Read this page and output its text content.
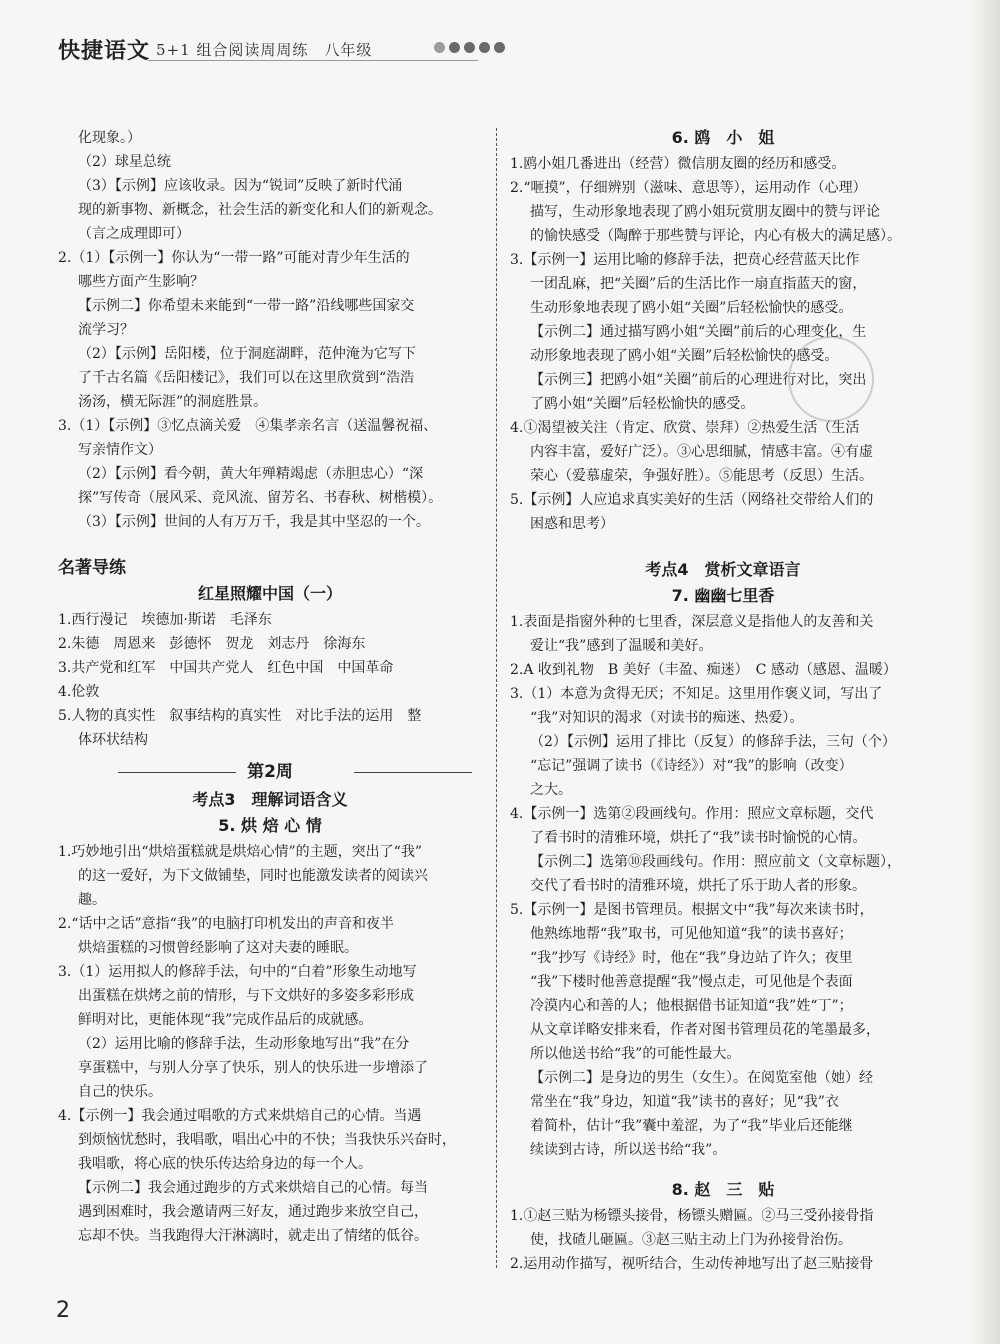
快捷语文 5+1 组合阅读周周练　八年级
化现象。）
（2）球星总统
（3）【示例】应该收录。因为“锐词”反映了新时代涌
现的新事物、新概念，社会生活的新变化和人们的新观念。
（言之成理即可）
2.（1）【示例一】你认为“一带一路”可能对青少年生活的
哪些方面产生影响？
【示例二】你希望未来能到“一带一路”沿线哪些国家交
流学习？
（2）【示例】岳阳楼，位于洞庭湖畔，范仲淹为它写下
了千古名篇《岳阳楼记》，我们可以在这里欣赏到“浩浩
汤汤，横无际涯”的洞庭胜景。
3.（1）【示例】③忆点滴关爱　④集孝亲名言（送温馨祝福、
写亲情作文）
（2）【示例】看今朝，黄大年殚精竭虑（赤胆忠心）“深
探”写传奇（展风采、竞风流、留芳名、书春秋、树楷模）。
（3）【示例】世间的人有万万千，我是其中坚忍的一个。
名著导练
红星照耀中国（一）
1.西行漫记　埃德加·斯诺　毛泽东
2.朱德　周恩来　彭德怀　贺龙　刘志丹　徐海东
3.共产党和红军　中国共产党人　红色中国　中国革命
4.伦敦
5.人物的真实性　叙事结构的真实性　对比手法的运用　整
体环状结构
第2周
考点3　理解词语含义
5. 烘 焙 心 情
1.巧妙地引出“烘焙蛋糕就是烘焙心情”的主题，突出了“我”
的这一爱好，为下文做铺垫，同时也能激发读者的阅读兴
趣。
2.“话中之话”意指“我”的电脑打印机发出的声音和夜半
烘焙蛋糕的习惯曾经影响了这对夫妻的睡眠。
3.（1）运用拟人的修辞手法，句中的“白着”形象生动地写
出蛋糕在烘烤之前的情形，与下文烘好的多姿多彩形成
鲜明对比，更能体现“我”完成作品后的成就感。
（2）运用比喻的修辞手法，生动形象地写出“我”在分
享蛋糕中，与别人分享了快乐，别人的快乐进一步增添了
自己的快乐。
4.【示例一】我会通过唱歌的方式来烘焙自己的心情。当遇
到烦恼忧愁时，我唱歌，唱出心中的不快；当我快乐兴奋时，
我唱歌，将心底的快乐传达给身边的每一个人。
【示例二】我会通过跑步的方式来烘焙自己的心情。每当
遇到困难时，我会邀请两三好友，通过跑步来放空自己，
忘却不快。当我跑得大汗淋漓时，就走出了情绪的低谷。
6. 鸥　小　姐
1.鸥小姐几番进出（经营）微信朋友圈的经历和感受。
2.“咂摸”，仔细辨别（滋味、意思等），运用动作（心理）
描写，生动形象地表现了鸥小姐玩赏朋友圈中的赞与评论
的愉快感受（陶醉于那些赞与评论，内心有极大的满足感）。
3.【示例一】运用比喻的修辞手法，把贲心经营蓝天比作
一团乱麻，把“关圈”后的生活比作一扇直指蓝天的窗，
生动形象地表现了鸥小姐“关圈”后轻松愉快的感受。
【示例二】通过描写鸥小姐“关圈”前后的心理变化，生
动形象地表现了鸥小姐“关圈”后轻松愉快的感受。
【示例三】把鸥小姐“关圈”前后的心理进行对比，突出
了鸥小姐“关圈”后轻松愉快的感受。
4.①渴望被关注（肯定、欣赏、崇拜）②热爱生活（生活
内容丰富，爱好广泛）。③心思细腻，情感丰富。④有虚
荣心（爱慕虚荣，争强好胜）。⑤能思考（反思）生活。
5.【示例】人应追求真实美好的生活（网络社交带给人们的
困惑和思考）
考点4　赏析文章语言
7. 幽幽七里香
1.表面是指窗外种的七里香，深层意义是指他人的友善和关
爱让“我”感到了温暖和美好。
2.A 收到礼物　B 美好（丰盈、痴迷）　C 感动（感恩、温暖）
3.（1）本意为贪得无厌；不知足。这里用作褒义词，写出了
“我”对知识的渴求（对读书的痴迷、热爱）。
（2）【示例】运用了排比（反复）的修辞手法，三句（个）
“忘记”强调了读书（《诗经》）对“我”的影响（改变）
之大。
4.【示例一】选第②段画线句。作用：照应文章标题，交代
了看书时的清雅环境，烘托了“我”读书时愉悦的心情。
【示例二】选第⑩段画线句。作用：照应前文（文章标题），
交代了看书时的清雅环境，烘托了乐于助人者的形象。
5.【示例一】是图书管理员。根据文中“我”每次来读书时，
他熟练地帮“我”取书，可见他知道“我”的读书喜好；
“我”抄写《诗经》时，他在“我”身边站了许久；夜里
“我”下楼时他善意提醒“我”慢点走，可见他是个表面
冷漠内心和善的人；他根据借书证知道“我”姓“丁”；
从文章详略安排来看，作者对图书管理员花的笔墨最多，
所以他送书给“我”的可能性最大。
【示例二】是身边的男生（女生）。在阅览室他（她）经
常坐在“我”身边，知道“我”读书的喜好；见“我”衣
着简朴，估计“我”囊中羞涩，为了“我”毕业后还能继
续读到古诗，所以送书给“我”。
8. 赵　三　贴
1.①赵三贴为杨镖头接骨，杨镖头赠匾。②马三受孙接骨指
使，找碴儿砸匾。③赵三贴主动上门为孙接骨治伤。
2.运用动作描写，视听结合，生动传神地写出了赵三贴接骨

2
